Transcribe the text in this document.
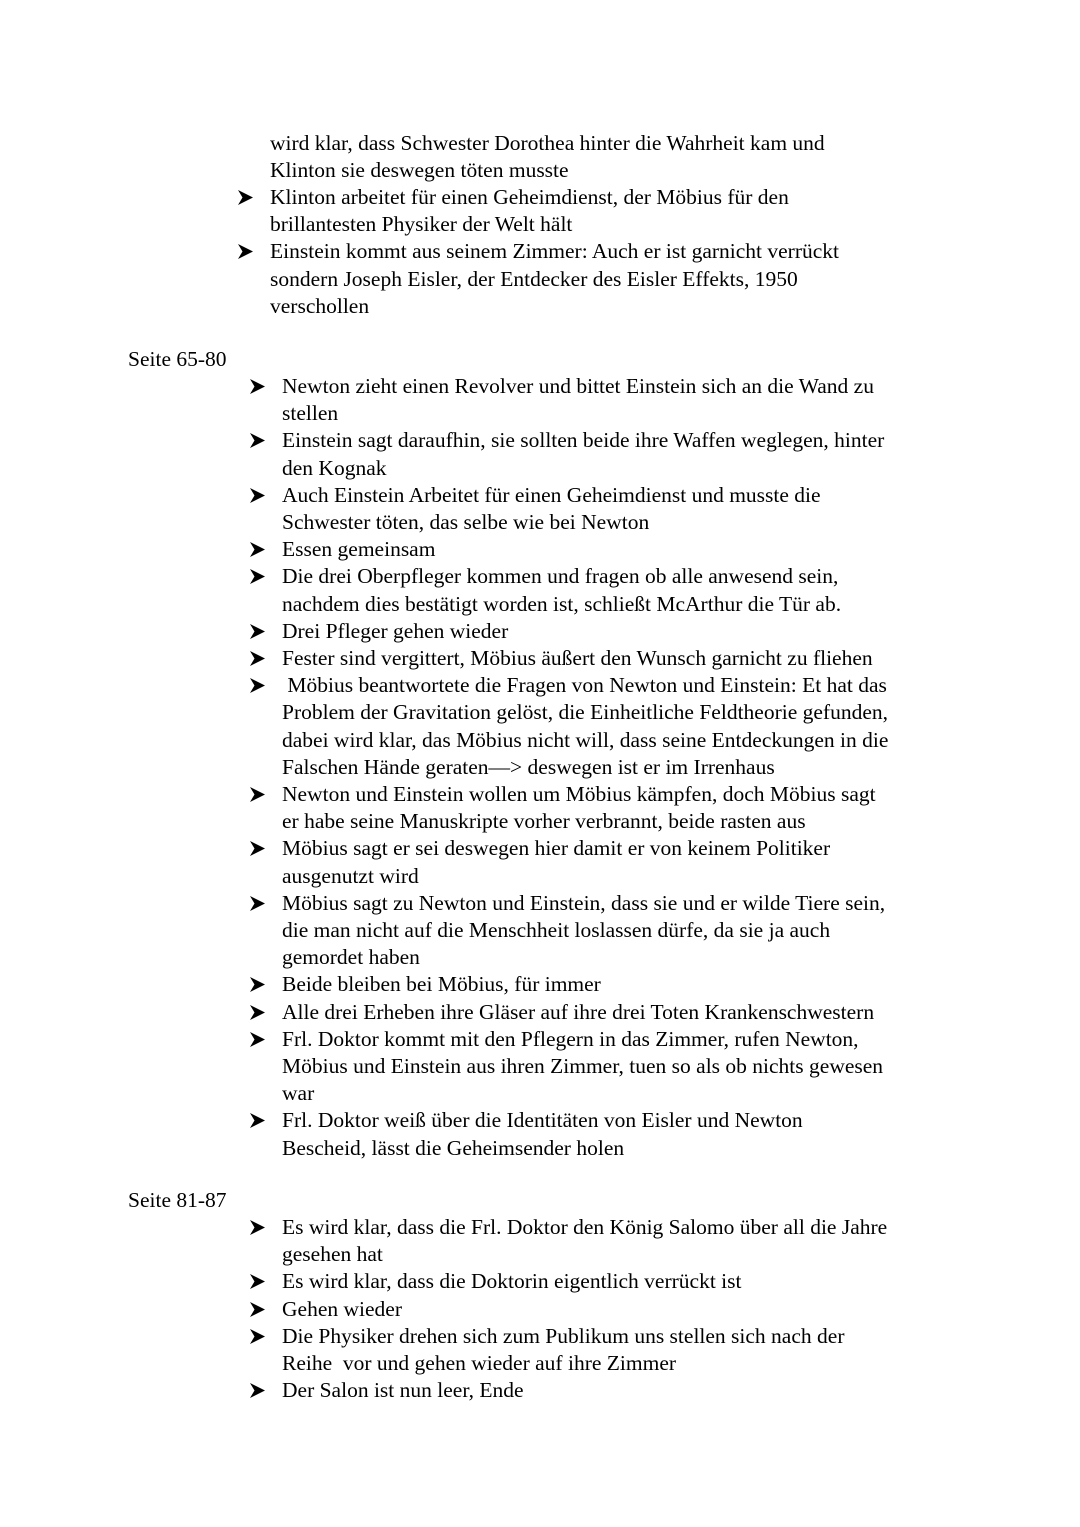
wird klar, dass Schwester Dorothea hinter die Wahrheit kam und
Klinton sie deswegen töten musste

Klinton arbeitet für einen Geheimdienst, der Möbius für den
brillantesten Physiker der Welt hält
Einstein kommt aus seinem Zimmer: Auch er ist garnicht verrückt
sondern Joseph Eisler, der Entdecker des Eisler Effekts, 1950
verschollen
Seite 65-80
Newton zieht einen Revolver und bittet Einstein sich an die Wand zu
stellen
Einstein sagt daraufhin, sie sollten beide ihre Waffen weglegen, hinter
den Kognak
Auch Einstein Arbeitet für einen Geheimdienst und musste die
Schwester töten, das selbe wie bei Newton
Essen gemeinsam
Die drei Oberpfleger kommen und fragen ob alle anwesend sein,
nachdem dies bestätigt worden ist, schließt McArthur die Tür ab.
Drei Pfleger gehen wieder
Fester sind vergittert, Möbius äußert den Wunsch garnicht zu fliehen
Möbius beantwortete die Fragen von Newton und Einstein: Et hat das
Problem der Gravitation gelöst, die Einheitliche Feldtheorie gefunden,
dabei wird klar, das Möbius nicht will, dass seine Entdeckungen in die
Falschen Hände geraten—> deswegen ist er im Irrenhaus
Newton und Einstein wollen um Möbius kämpfen, doch Möbius sagt
er habe seine Manuskripte vorher verbrannt, beide rasten aus
Möbius sagt er sei deswegen hier damit er von keinem Politiker
ausgenutzt wird
Möbius sagt zu Newton und Einstein, dass sie und er wilde Tiere sein,
die man nicht auf die Menschheit loslassen dürfe, da sie ja auch
gemordet haben
Beide bleiben bei Möbius, für immer
Alle drei Erheben ihre Gläser auf ihre drei Toten Krankenschwestern
Frl. Doktor kommt mit den Pflegern in das Zimmer, rufen Newton,
Möbius und Einstein aus ihren Zimmer, tuen so als ob nichts gewesen
war
Frl. Doktor weiß über die Identitäten von Eisler und Newton
Bescheid, lässt die Geheimsender holen
Seite 81-87
Es wird klar, dass die Frl. Doktor den König Salomo über all die Jahre
gesehen hat
Es wird klar, dass die Doktorin eigentlich verrückt ist
Gehen wieder
Die Physiker drehen sich zum Publikum uns stellen sich nach der
Reihe  vor und gehen wieder auf ihre Zimmer
Der Salon ist nun leer, Ende
